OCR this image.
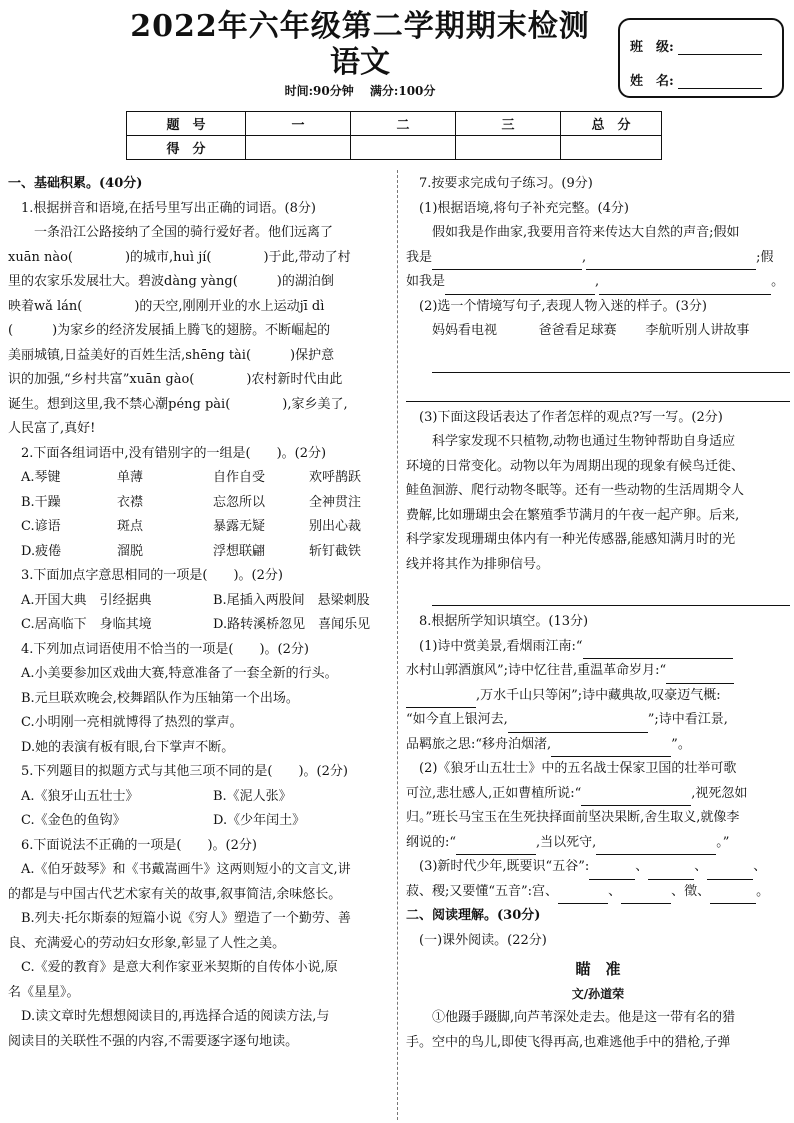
2022年六年级第二学期期末检测
语文
时间:90分钟 满分:100分
班　级:
姓　名:
题　号	一	二	三	总　分
得　分				

一、基础积累。(40分)

1.根据拼音和语境,在括号里写出正确的词语。(8分)

一条沿江公路接纳了全国的骑行爱好者。他们远离了

xuān nào(　　　　)的城市,huì jí(　　　　)于此,带动了村

里的农家乐发展壮大。碧波dàng yàng(　　　)的湖泊倒

映着wǎ lán(　　　　)的天空,刚刚开业的水上运动jī dì

(　　　)为家乡的经济发展插上腾飞的翅膀。不断崛起的

美丽城镇,日益美好的百姓生活,shēng tài(　　　)保护意

识的加强,“乡村共富”xuān gào(　　　　)农村新时代由此

诞生。想到这里,我不禁心潮péng pài(　　　　),家乡美了,

人民富了,真好!

2.下面各组词语中,没有错别字的一组是(　　)。(2分)

A.琴键	单薄	自作自受	欢呼鹊跃

B.干躁	衣襟	忘忽所以	全神贯注

C.谚语	斑点	暴露无疑	别出心裁

D.疲倦	溜脱	浮想联翩	斩钉截铁

3.下面加点字意思相同的一项是(　　)。(2分)

A.开国大典　引经据典	B.尾插入两股间　悬梁刺股

C.居高临下　身临其境	D.路转溪桥忽见　喜闻乐见

4.下列加点词语使用不恰当的一项是(　　)。(2分)

A.小美要参加区戏曲大赛,特意准备了一套全新的行头。

B.元旦联欢晚会,校舞蹈队作为压轴第一个出场。

C.小明刚一亮相就博得了热烈的掌声。

D.她的表演有板有眼,台下掌声不断。

5.下列题目的拟题方式与其他三项不同的是(　　)。(2分)

A.《狼牙山五壮士》	B.《泥人张》

C.《金色的鱼钩》	D.《少年闰土》

6.下面说法不正确的一项是(　　)。(2分)

A.《伯牙鼓琴》和《书戴嵩画牛》这两则短小的文言文,讲

的都是与中国古代艺术家有关的故事,叙事简洁,余味悠长。

B.列夫·托尔斯泰的短篇小说《穷人》塑造了一个勤劳、善

良、充满爱心的劳动妇女形象,彰显了人性之美。

C.《爱的教育》是意大利作家亚米契斯的自传体小说,原

名《星星》。

D.读文章时先想想阅读目的,再选择合适的阅读方法,与

阅读目的关联性不强的内容,不需要逐字逐句地读。

7.按要求完成句子练习。(9分)

(1)根据语境,将句子补充完整。(4分)

假如我是作曲家,我要用音符来传达大自然的声音;假如

我是	,	;假

如我是	,	。

(2)选一个情境写句子,表现人物入迷的样子。(3分)

妈妈看电视	爸爸看足球赛	李航听別人讲故事

(3)下面这段话表达了作者怎样的观点?写一写。(2分)

科学家发现不只植物,动物也通过生物钟帮助自身适应

环境的日常变化。动物以年为周期出现的现象有候鸟迁徙、

鲑鱼洄游、爬行动物冬眠等。还有一些动物的生活周期令人

费解,比如珊瑚虫会在繁殖季节满月的午夜一起产卵。后来,

科学家发现珊瑚虫体内有一种光传感器,能感知满月时的光

线并将其作为排卵信号。

8.根据所学知识填空。(13分)

(1)诗中赏美景,看烟雨江南:“

水村山郭酒旗风”;诗中忆往昔,重温革命岁月:“

,万水千山只等闲”;诗中藏典故,叹豪迈气概:

“如今直上银河去,	”;诗中看江景,

品羁旅之思:“移舟泊烟渚,	”。

(2)《狼牙山五壮士》中的五名战士保家卫国的壮举可歌

可泣,悲壮感人,正如曹植所说:“	,视死忽如

归。”班长马宝玉在生死抉择面前坚决果断,舍生取义,就像李

纲说的:“	,当以死守,	。”

(3)新时代少年,既要识“五谷”:	、	、	、

菽、稷;又要懂“五音”:宫、	、	、徵、	。

二、阅读理解。(30分)

(一)课外阅读。(22分)

瞄　准

文/孙道荣

①他蹑手蹑脚,向芦苇深处走去。他是这一带有名的猎

手。空中的鸟儿,即使飞得再高,也难逃他手中的猎枪,子弹
